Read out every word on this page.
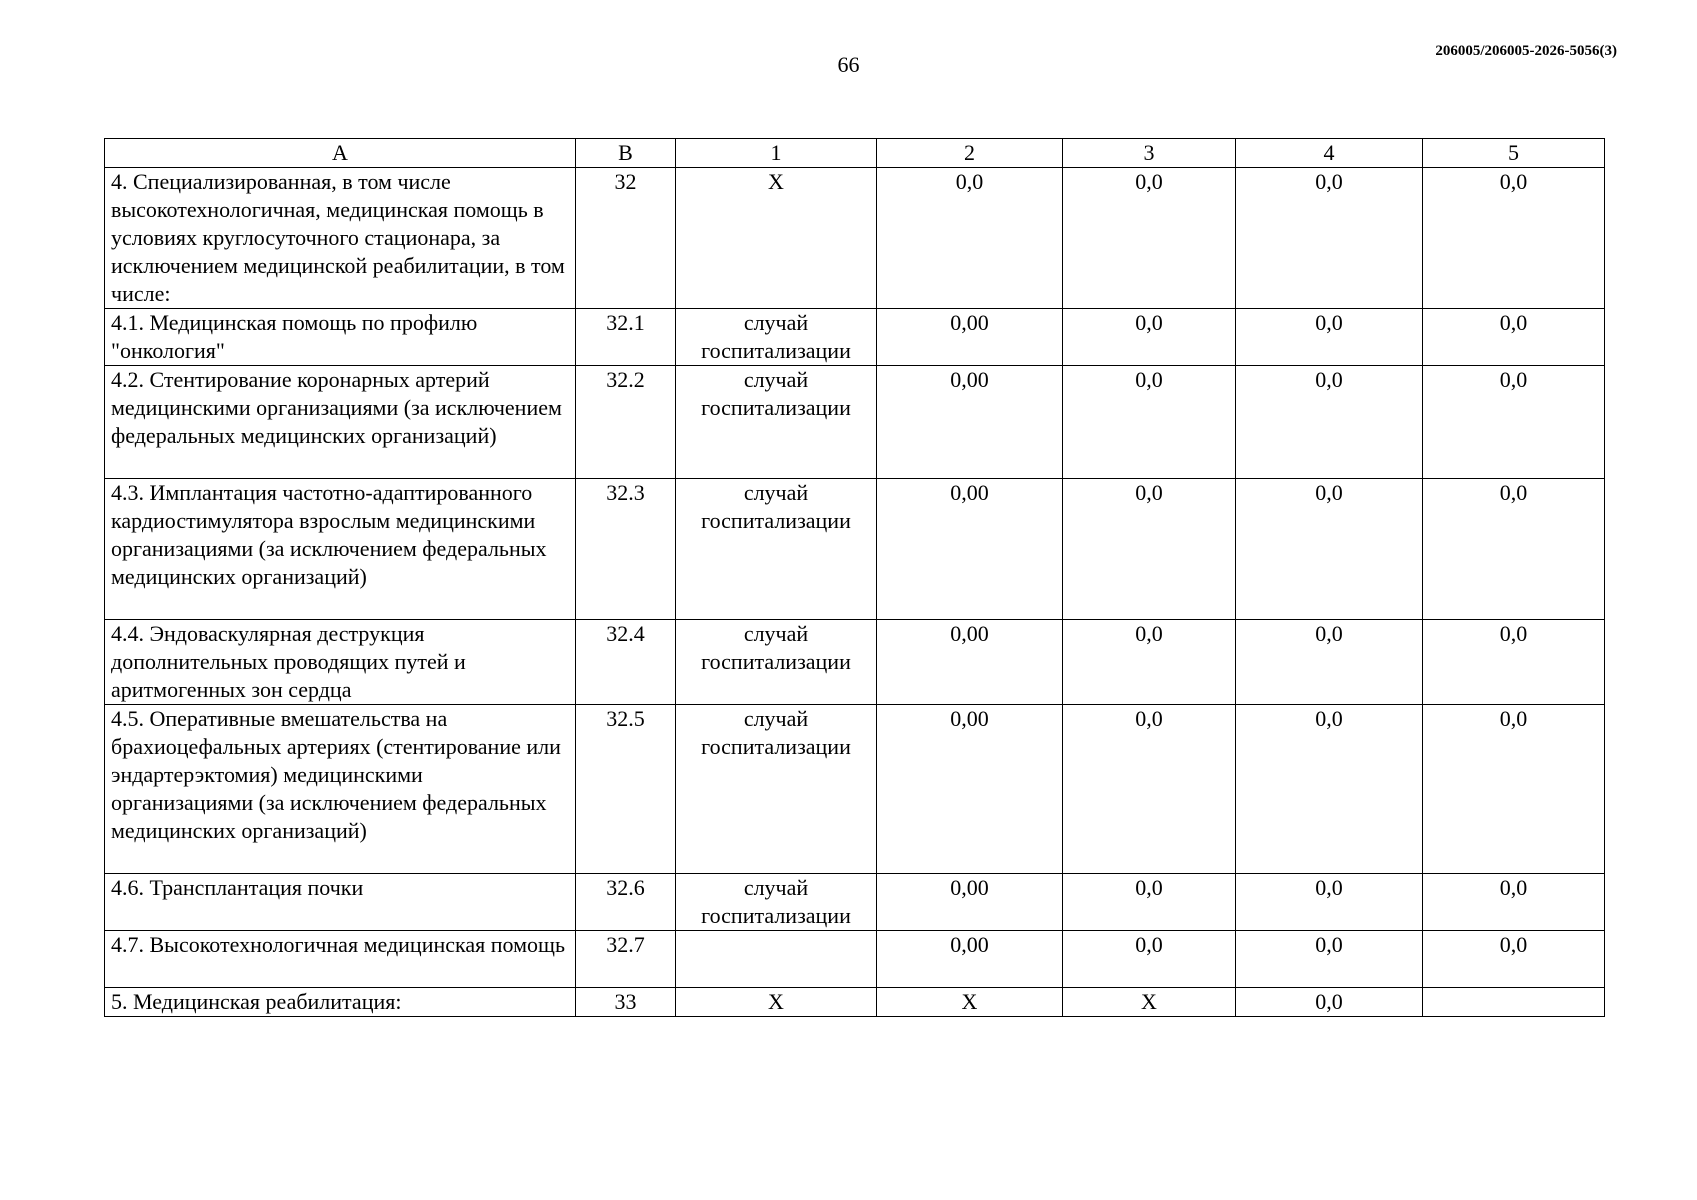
66
206005/206005-2026-5056(3)
А	В	1	2	3	4	5
4. Специализированная, в том числе высокотехнологичная, медицинская помощь в условиях круглосуточного стационара, за исключением медицинской реабилитации, в том числе:	32	Х	0,0	0,0	0,0	0,0
4.1. Медицинская помощь по профилю "онкология"	32.1	случай госпитализации	0,00	0,0	0,0	0,0
4.2. Стентирование коронарных артерий медицинскими организациями (за исключением федеральных медицинских организаций)	32.2	случай госпитализации	0,00	0,0	0,0	0,0
4.3. Имплантация частотно-адаптированного кардиостимулятора взрослым медицинскими организациями (за исключением федеральных медицинских организаций)	32.3	случай госпитализации	0,00	0,0	0,0	0,0
4.4. Эндоваскулярная деструкция дополнительных проводящих путей и аритмогенных зон сердца	32.4	случай госпитализации	0,00	0,0	0,0	0,0
4.5. Оперативные вмешательства на брахиоцефальных артериях (стентирование или эндартерэктомия) медицинскими организациями (за исключением федеральных медицинских организаций)	32.5	случай госпитализации	0,00	0,0	0,0	0,0
4.6. Трансплантация почки	32.6	случай госпитализации	0,00	0,0	0,0	0,0
4.7. Высокотехнологичная медицинская помощь	32.7		0,00	0,0	0,0	0,0
5. Медицинская реабилитация:	33	Х	Х	Х	0,0	
